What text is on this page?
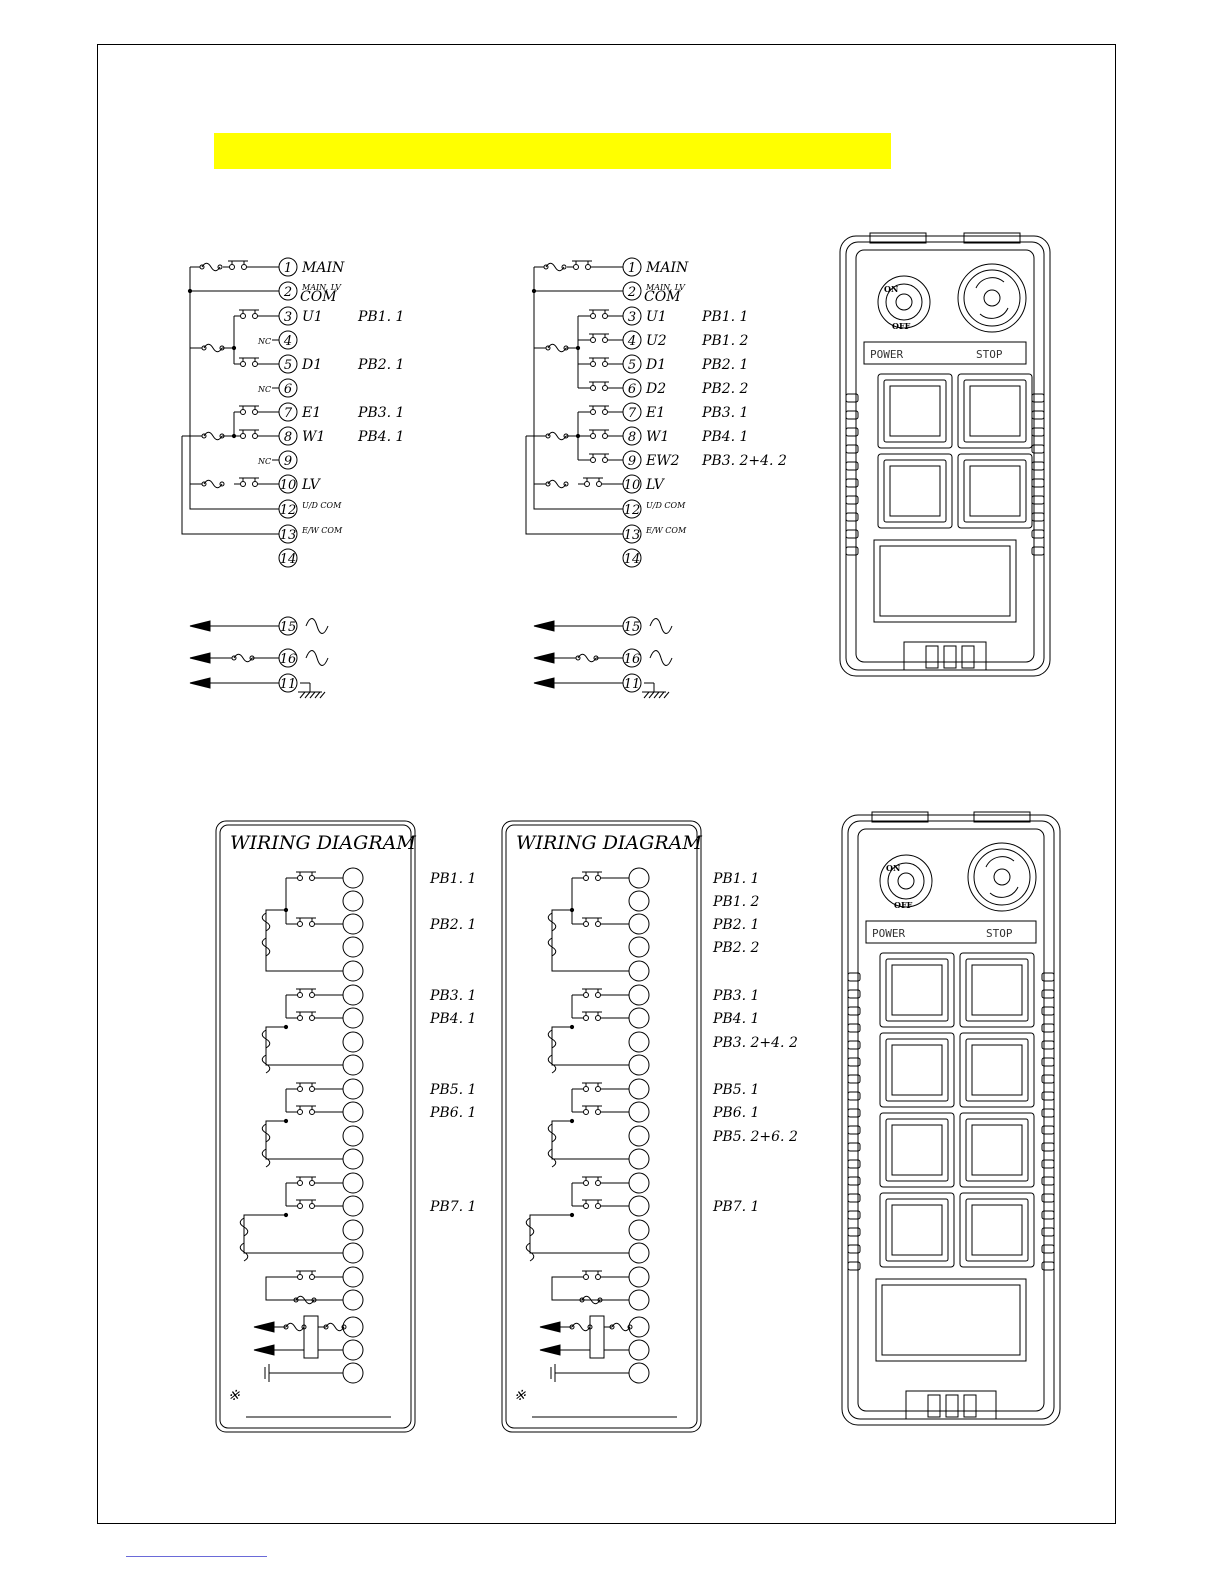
1 MAIN
2 MAIN, LV
COM
3 U1	PB1. 1
4
NC
5 D1	PB2. 1
6
NC
7 E1	PB3. 1
8 W1 PB4. 1
9
NC
10 LV
12 U/D COM
13 E/W COM
14
15
16
11
1 MAIN
2 MAIN, LV
COM
3 U1	PB1. 1
4 U2	PB1. 2
5 D1	PB2. 1
6 D2	PB2. 2
7 E1	PB3. 1
8 W1 PB4. 1
9 EW2 PB3. 2+4. 2
10 LV
12 U/D COM
13 E/W COM
14
15
16
11
WIRING DIAGRAM
※
PB1. 1
PB2. 1
PB3. 1
PB4. 1
PB5. 1
PB6. 1
PB7. 1
WIRING DIAGRAM
※
PB1. 1
PB1. 2
PB2. 1
PB2. 2
PB3. 1
PB4. 1
PB3. 2+4. 2
PB5. 1
PB6. 1
PB5. 2+6. 2
PB7. 1
ON
OFF
POWER	STOP
ON
OFF
POWER	STOP
